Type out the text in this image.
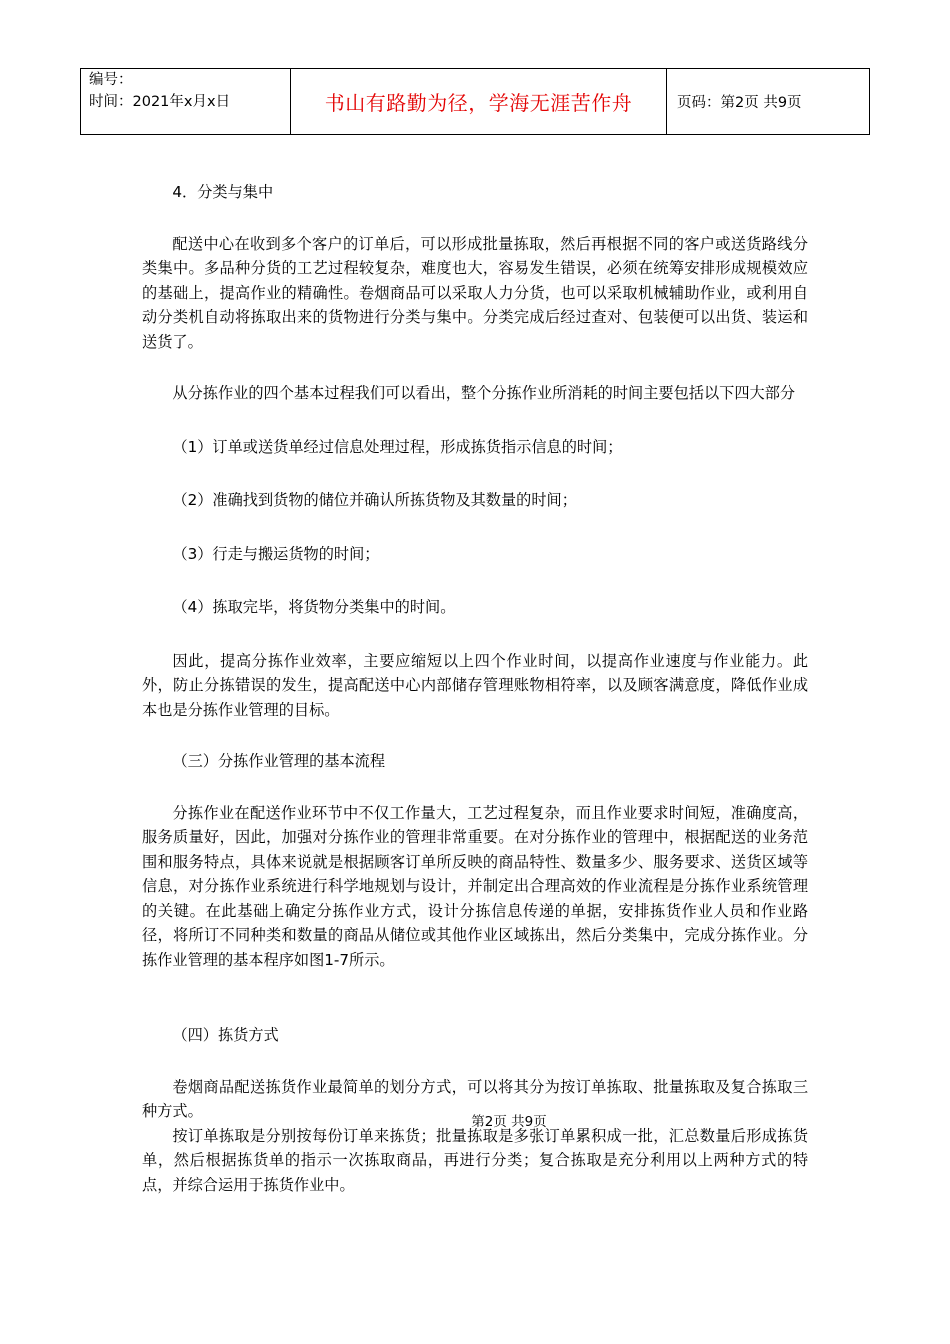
编号：
时间：2021年x月x日	书山有路勤为径，学海无涯苦作舟	页码：第2页 共9页

4．分类与集中

配送中心在收到多个客户的订单后，可以形成批量拣取，然后再根据不同的客户或送货路线分类集中。多品种分货的工艺过程较复杂，难度也大，容易发生错误，必须在统筹安排形成规模效应的基础上，提高作业的精确性。卷烟商品可以采取人力分货，也可以采取机械辅助作业，或利用自动分类机自动将拣取出来的货物进行分类与集中。分类完成后经过查对、包装便可以出货、装运和送货了。

从分拣作业的四个基本过程我们可以看出，整个分拣作业所消耗的时间主要包括以下四大部分

（1）订单或送货单经过信息处理过程，形成拣货指示信息的时间；

（2）准确找到货物的储位并确认所拣货物及其数量的时间；

（3）行走与搬运货物的时间；

（4）拣取完毕，将货物分类集中的时间。

因此，提高分拣作业效率，主要应缩短以上四个作业时间，以提高作业速度与作业能力。此外，防止分拣错误的发生，提高配送中心内部储存管理账物相符率，以及顾客满意度，降低作业成本也是分拣作业管理的目标。

（三）分拣作业管理的基本流程

分拣作业在配送作业环节中不仅工作量大，工艺过程复杂，而且作业要求时间短，准确度高，服务质量好，因此，加强对分拣作业的管理非常重要。在对分拣作业的管理中，根据配送的业务范围和服务特点，具体来说就是根据顾客订单所反映的商品特性、数量多少、服务要求、送货区域等信息，对分拣作业系统进行科学地规划与设计，并制定出合理高效的作业流程是分拣作业系统管理的关键。在此基础上确定分拣作业方式，设计分拣信息传递的单据，安排拣货作业人员和作业路径，将所订不同种类和数量的商品从储位或其他作业区域拣出，然后分类集中，完成分拣作业。分拣作业管理的基本程序如图1-7所示。

（四）拣货方式

卷烟商品配送拣货作业最简单的划分方式，可以将其分为按订单拣取、批量拣取及复合拣取三种方式。

按订单拣取是分别按每份订单来拣货；批量拣取是多张订单累积成一批，汇总数量后形成拣货单，然后根据拣货单的指示一次拣取商品，再进行分类；复合拣取是充分利用以上两种方式的特点，并综合运用于拣货作业中。

第2页 共9页
